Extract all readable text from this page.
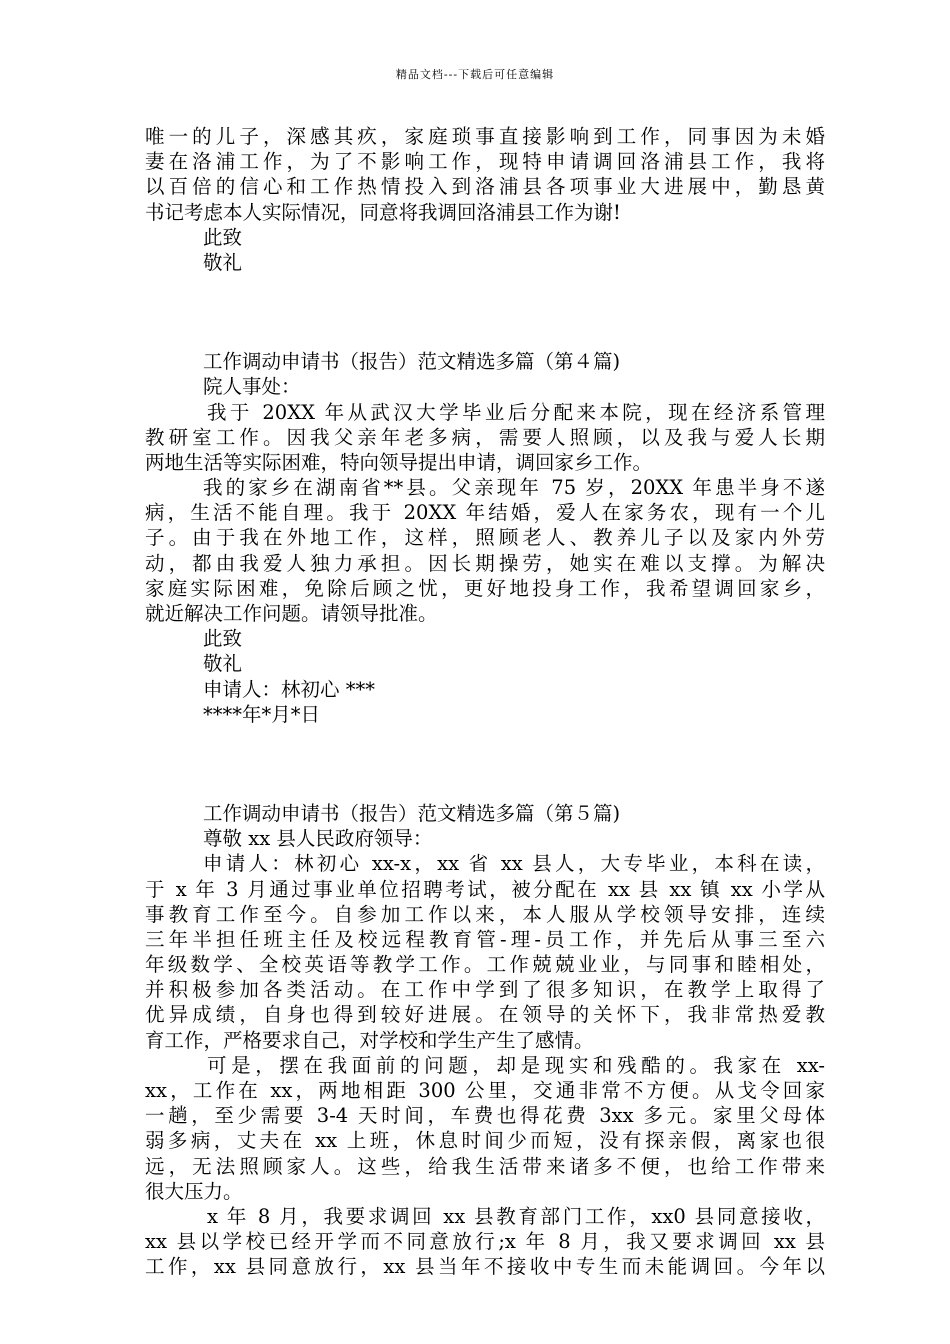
精品文档---下载后可任意编辑
唯一的儿子，深感其疚，家庭琐事直接影响到工作，同事因为未婚
妻在洛浦工作，为了不影响工作，现特申请调回洛浦县工作，我将
以百倍的信心和工作热情投入到洛浦县各项事业大进展中，勤恳黄
书记考虑本人实际情况，同意将我调回洛浦县工作为谢!
此致
敬礼
工作调动申请书（报告）范文精选多篇（第４篇)
院人事处：
我于 20XX 年从武汉大学毕业后分配来本院，现在经济系管理
教研室工作。因我父亲年老多病，需要人照顾，以及我与爱人长期
两地生活等实际困难，特向领导提出申请，调回家乡工作。
我的家乡在湖南省**县。父亲现年 75 岁，20XX 年患半身不遂
病，生活不能自理。我于 20XX 年结婚，爱人在家务农，现有一个儿
子。由于我在外地工作，这样，照顾老人、教养儿子以及家内外劳
动，都由我爱人独力承担。因长期操劳，她实在难以支撑。为解决
家庭实际困难，免除后顾之忧，更好地投身工作，我希望调回家乡，
就近解决工作问题。请领导批准。
此致
敬礼
申请人：林初心 ***
****年*月*日
工作调动申请书（报告）范文精选多篇（第５篇)
尊敬 xx 县人民政府领导：
申请人：林初心 xx-x，xx 省 xx 县人，大专毕业，本科在读，
于 x 年 3 月通过事业单位招聘考试，被分配在 xx 县 xx 镇 xx 小学从
事教育工作至今。自参加工作以来，本人服从学校领导安排，连续
三年半担任班主任及校远程教育管-理-员工作，并先后从事三至六
年级数学、全校英语等教学工作。工作兢兢业业，与同事和睦相处，
并积极参加各类活动。在工作中学到了很多知识，在教学上取得了
优异成绩，自身也得到较好进展。在领导的关怀下，我非常热爱教
育工作，严格要求自己，对学校和学生产生了感情。
可是，摆在我面前的问题，却是现实和残酷的。我家在 xx-
xx，工作在 xx，两地相距 300 公里，交通非常不方便。从戈令回家
一趟，至少需要 3-4 天时间，车费也得花费 3xx 多元。家里父母体
弱多病，丈夫在 xx 上班，休息时间少而短，没有探亲假，离家也很
远，无法照顾家人。这些，给我生活带来诸多不便，也给工作带来
很大压力。
x 年 8 月，我要求调回 xx 县教育部门工作，xx0 县同意接收，
xx 县以学校已经开学而不同意放行;x 年 8 月，我又要求调回 xx 县
工作，xx 县同意放行，xx 县当年不接收中专生而未能调回。今年以
